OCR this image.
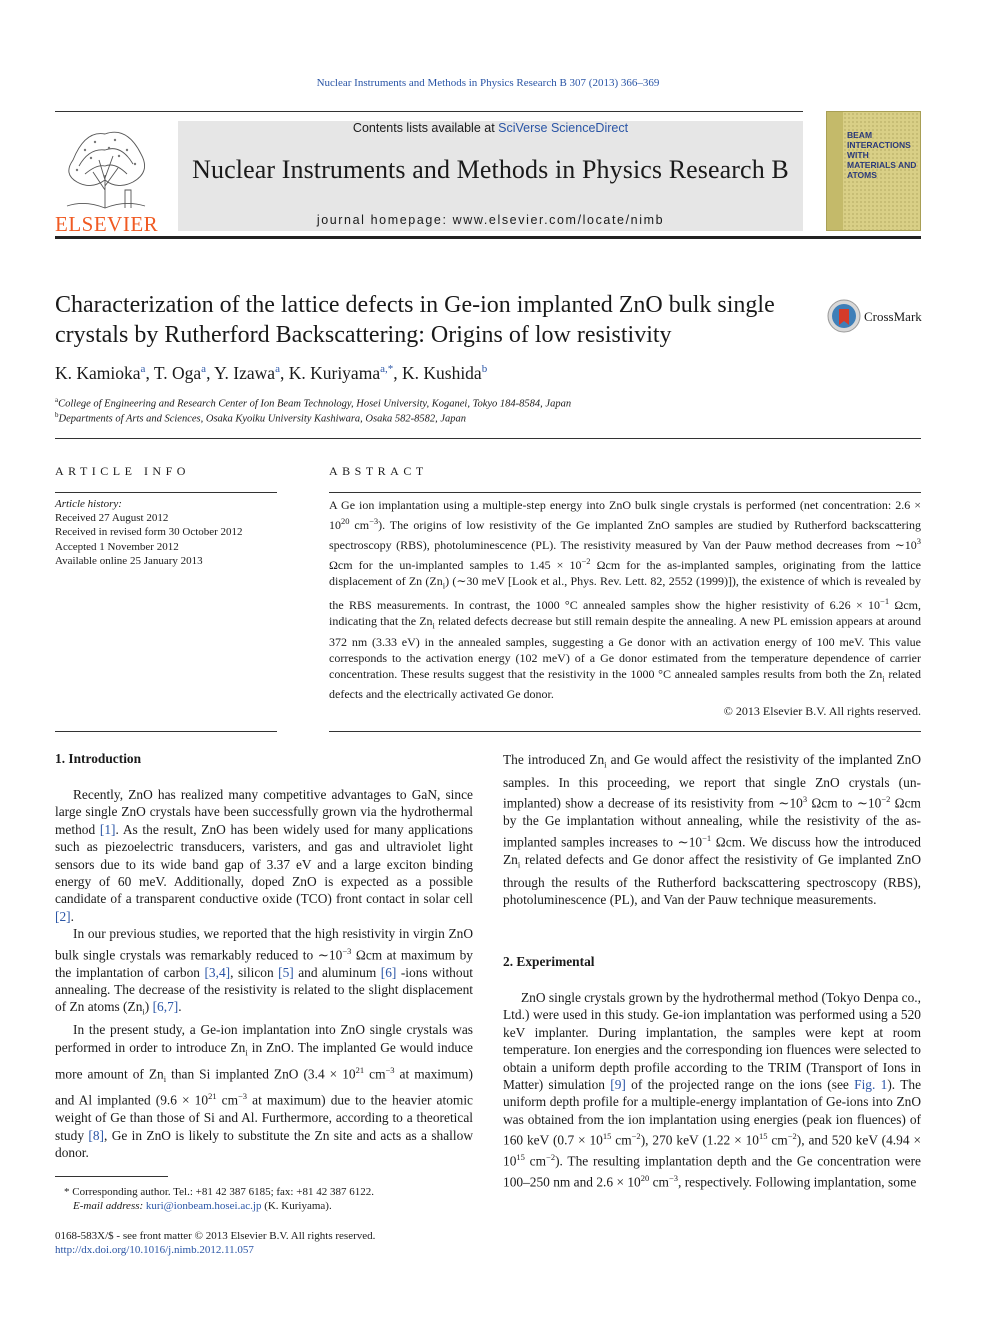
Nuclear Instruments and Methods in Physics Research B 307 (2013) 366–369
ELSEVIER
Contents lists available at SciVerse ScienceDirect
Nuclear Instruments and Methods in Physics Research B
journal homepage: www.elsevier.com/locate/nimb
BEAM INTERACTIONS WITH MATERIALS AND ATOMS
Characterization of the lattice defects in Ge-ion implanted ZnO bulk single crystals by Rutherford Backscattering: Origins of low resistivity
CrossMark
K. Kamioka$^a$, T. Oga$^a$, Y. Izawa$^a$, K. Kuriyama$^{a,*}$, K. Kushida$^b$
$^a$College of Engineering and Research Center of Ion Beam Technology, Hosei University, Koganei, Tokyo 184-8584, Japan
$^b$Departments of Arts and Sciences, Osaka Kyoiku University Kashiwara, Osaka 582-8582, Japan
ARTICLE INFO
Article history:
Received 27 August 2012
Received in revised form 30 October 2012
Accepted 1 November 2012
Available online 25 January 2013
ABSTRACT
A Ge ion implantation using a multiple-step energy into ZnO bulk single crystals is performed (net concentration: $2.6 \times 10^{20}$ $cm^{-3}$). The origins of low resistivity of the Ge implanted ZnO samples are studied by Rutherford backscattering spectroscopy (RBS), photoluminescence (PL). The resistivity measured by Van der Pauw method decreases from $\sim 10^3$ Ωcm for the un-implanted samples to $1.45 \times 10^{-2}$ Ωcm for the as-implanted samples, originating from the lattice displacement of Zn $(Zn_i)$ (∼30 meV [Look et al., Phys. Rev. Lett. 82, 2552 (1999)]), the existence of which is revealed by the RBS measurements. In contrast, the 1000 °C annealed samples show the higher resistivity of $6.26 \times 10^{-1}$ Ωcm, indicating that the $Zn_i$ related defects decrease but still remain despite the annealing. A new PL emission appears at around 372 nm (3.33 eV) in the annealed samples, suggesting a Ge donor with an activation energy of 100 meV. This value corresponds to the activation energy (102 meV) of a Ge donor estimated from the temperature dependence of carrier concentration. These results suggest that the resistivity in the 1000 °C annealed samples results from both the $Zn_i$ related defects and the electrically activated Ge donor.
© 2013 Elsevier B.V. All rights reserved.
1. Introduction

Recently, ZnO has realized many competitive advantages to GaN, since large single ZnO crystals have been successfully grown via the hydrothermal method [1]. As the result, ZnO has been widely used for many applications such as piezoelectric transducers, varisters, and gas and ultraviolet light sensors due to its wide band gap of 3.37 eV and a large exciton binding energy of 60 meV. Additionally, doped ZnO is expected as a possible candidate of a transparent conductive oxide (TCO) front contact in solar cell [2].

In our previous studies, we reported that the high resistivity in virgin ZnO bulk single crystals was remarkably reduced to $\sim 10^{-3}$ Ωcm at maximum by the implantation of carbon [3,4], silicon [5] and aluminum [6] -ions without annealing. The decrease of the resistivity is related to the slight displacement of Zn atoms $(Zn_i)$ [6,7].

In the present study, a Ge-ion implantation into ZnO single crystals was performed in order to introduce $Zn_i$ in ZnO. The implanted Ge would induce more amount of $Zn_i$ than Si implanted ZnO ($3.4 \times 10^{21}$ $cm^{-3}$ at maximum) and Al implanted ($9.6 \times 10^{21}$ $cm^{-3}$ at maximum) due to the heavier atomic weight of Ge than those of Si and Al. Furthermore, according to a theoretical study [8], Ge in ZnO is likely to substitute the Zn site and acts as a shallow donor.

The introduced $Zn_i$ and Ge would affect the resistivity of the implanted ZnO samples. In this proceeding, we report that single ZnO crystals (un-implanted) show a decrease of its resistivity from $\sim 10^3$ Ωcm to $\sim 10^{-2}$ Ωcm by the Ge implantation without annealing, while the resistivity of the as-implanted samples increases to $\sim 10^{-1}$ Ωcm. We discuss how the introduced $Zn_i$ related defects and Ge donor affect the resistivity of Ge implanted ZnO through the results of the Rutherford backscattering spectroscopy (RBS), photoluminescence (PL), and Van der Pauw technique measurements.

2. Experimental

ZnO single crystals grown by the hydrothermal method (Tokyo Denpa co., Ltd.) were used in this study. Ge-ion implantation was performed using a 520 keV implanter. During implantation, the samples were kept at room temperature. Ion energies and the corresponding ion fluences were selected to obtain a uniform depth profile according to the TRIM (Transport of Ions in Matter) simulation [9] of the projected range on the ions (see Fig. 1). The uniform depth profile for a multiple-energy implantation of Ge-ions into ZnO was obtained from the ion implantation using energies (peak ion fluences) of 160 keV ($0.7 \times 10^{15}$ $cm^{-2}$), 270 keV ($1.22 \times 10^{15}$ $cm^{-2}$), and 520 keV ($4.94 \times 10^{15}$ $cm^{-2}$). The resulting implantation depth and the Ge concentration were 100–250 nm and $2.6 \times 10^{20}$ $cm^{-3}$, respectively. Following implantation, some

* Corresponding author. Tel.: +81 42 387 6185; fax: +81 42 387 6122.
E-mail address: kuri@ionbeam.hosei.ac.jp (K. Kuriyama).
0168-583X/$ - see front matter © 2013 Elsevier B.V. All rights reserved.
http://dx.doi.org/10.1016/j.nimb.2012.11.057
